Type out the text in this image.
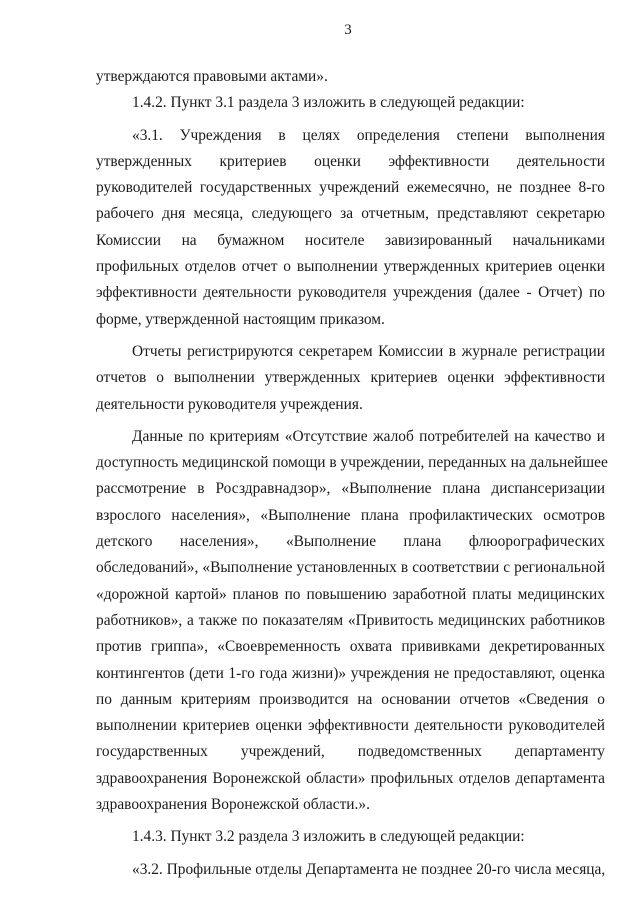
3
утверждаются правовыми актами».
1.4.2. Пункт 3.1 раздела 3 изложить в следующей редакции:
«3.1. Учреждения в целях определения степени выполнения
утвержденных критериев оценки эффективности деятельности
руководителей государственных учреждений ежемесячно, не позднее 8-го
рабочего дня месяца, следующего за отчетным, представляют секретарю
Комиссии на бумажном носителе завизированный начальниками
профильных отделов отчет о выполнении утвержденных критериев оценки
эффективности деятельности руководителя учреждения (далее - Отчет) по
форме, утвержденной настоящим приказом.
Отчеты регистрируются секретарем Комиссии в журнале регистрации
отчетов о выполнении утвержденных критериев оценки эффективности
деятельности руководителя учреждения.
Данные по критериям «Отсутствие жалоб потребителей на качество и
доступность медицинской помощи в учреждении, переданных на дальнейшее
рассмотрение в Росздравнадзор», «Выполнение плана диспансеризации
взрослого населения», «Выполнение плана профилактических осмотров
детского населения», «Выполнение плана флюорографических
обследований», «Выполнение установленных в соответствии с региональной
«дорожной картой» планов по повышению заработной платы медицинских
работников», а также по показателям «Привитость медицинских работников
против гриппа», «Своевременность охвата прививками декретированных
контингентов (дети 1-го года жизни)» учреждения не предоставляют, оценка
по данным критериям производится на основании отчетов «Сведения о
выполнении критериев оценки эффективности деятельности руководителей
государственных учреждений, подведомственных департаменту
здравоохранения Воронежской области» профильных отделов департамента
здравоохранения Воронежской области.».
1.4.3. Пункт 3.2 раздела 3 изложить в следующей редакции:
«3.2. Профильные отделы Департамента не позднее 20-го числа месяца,
